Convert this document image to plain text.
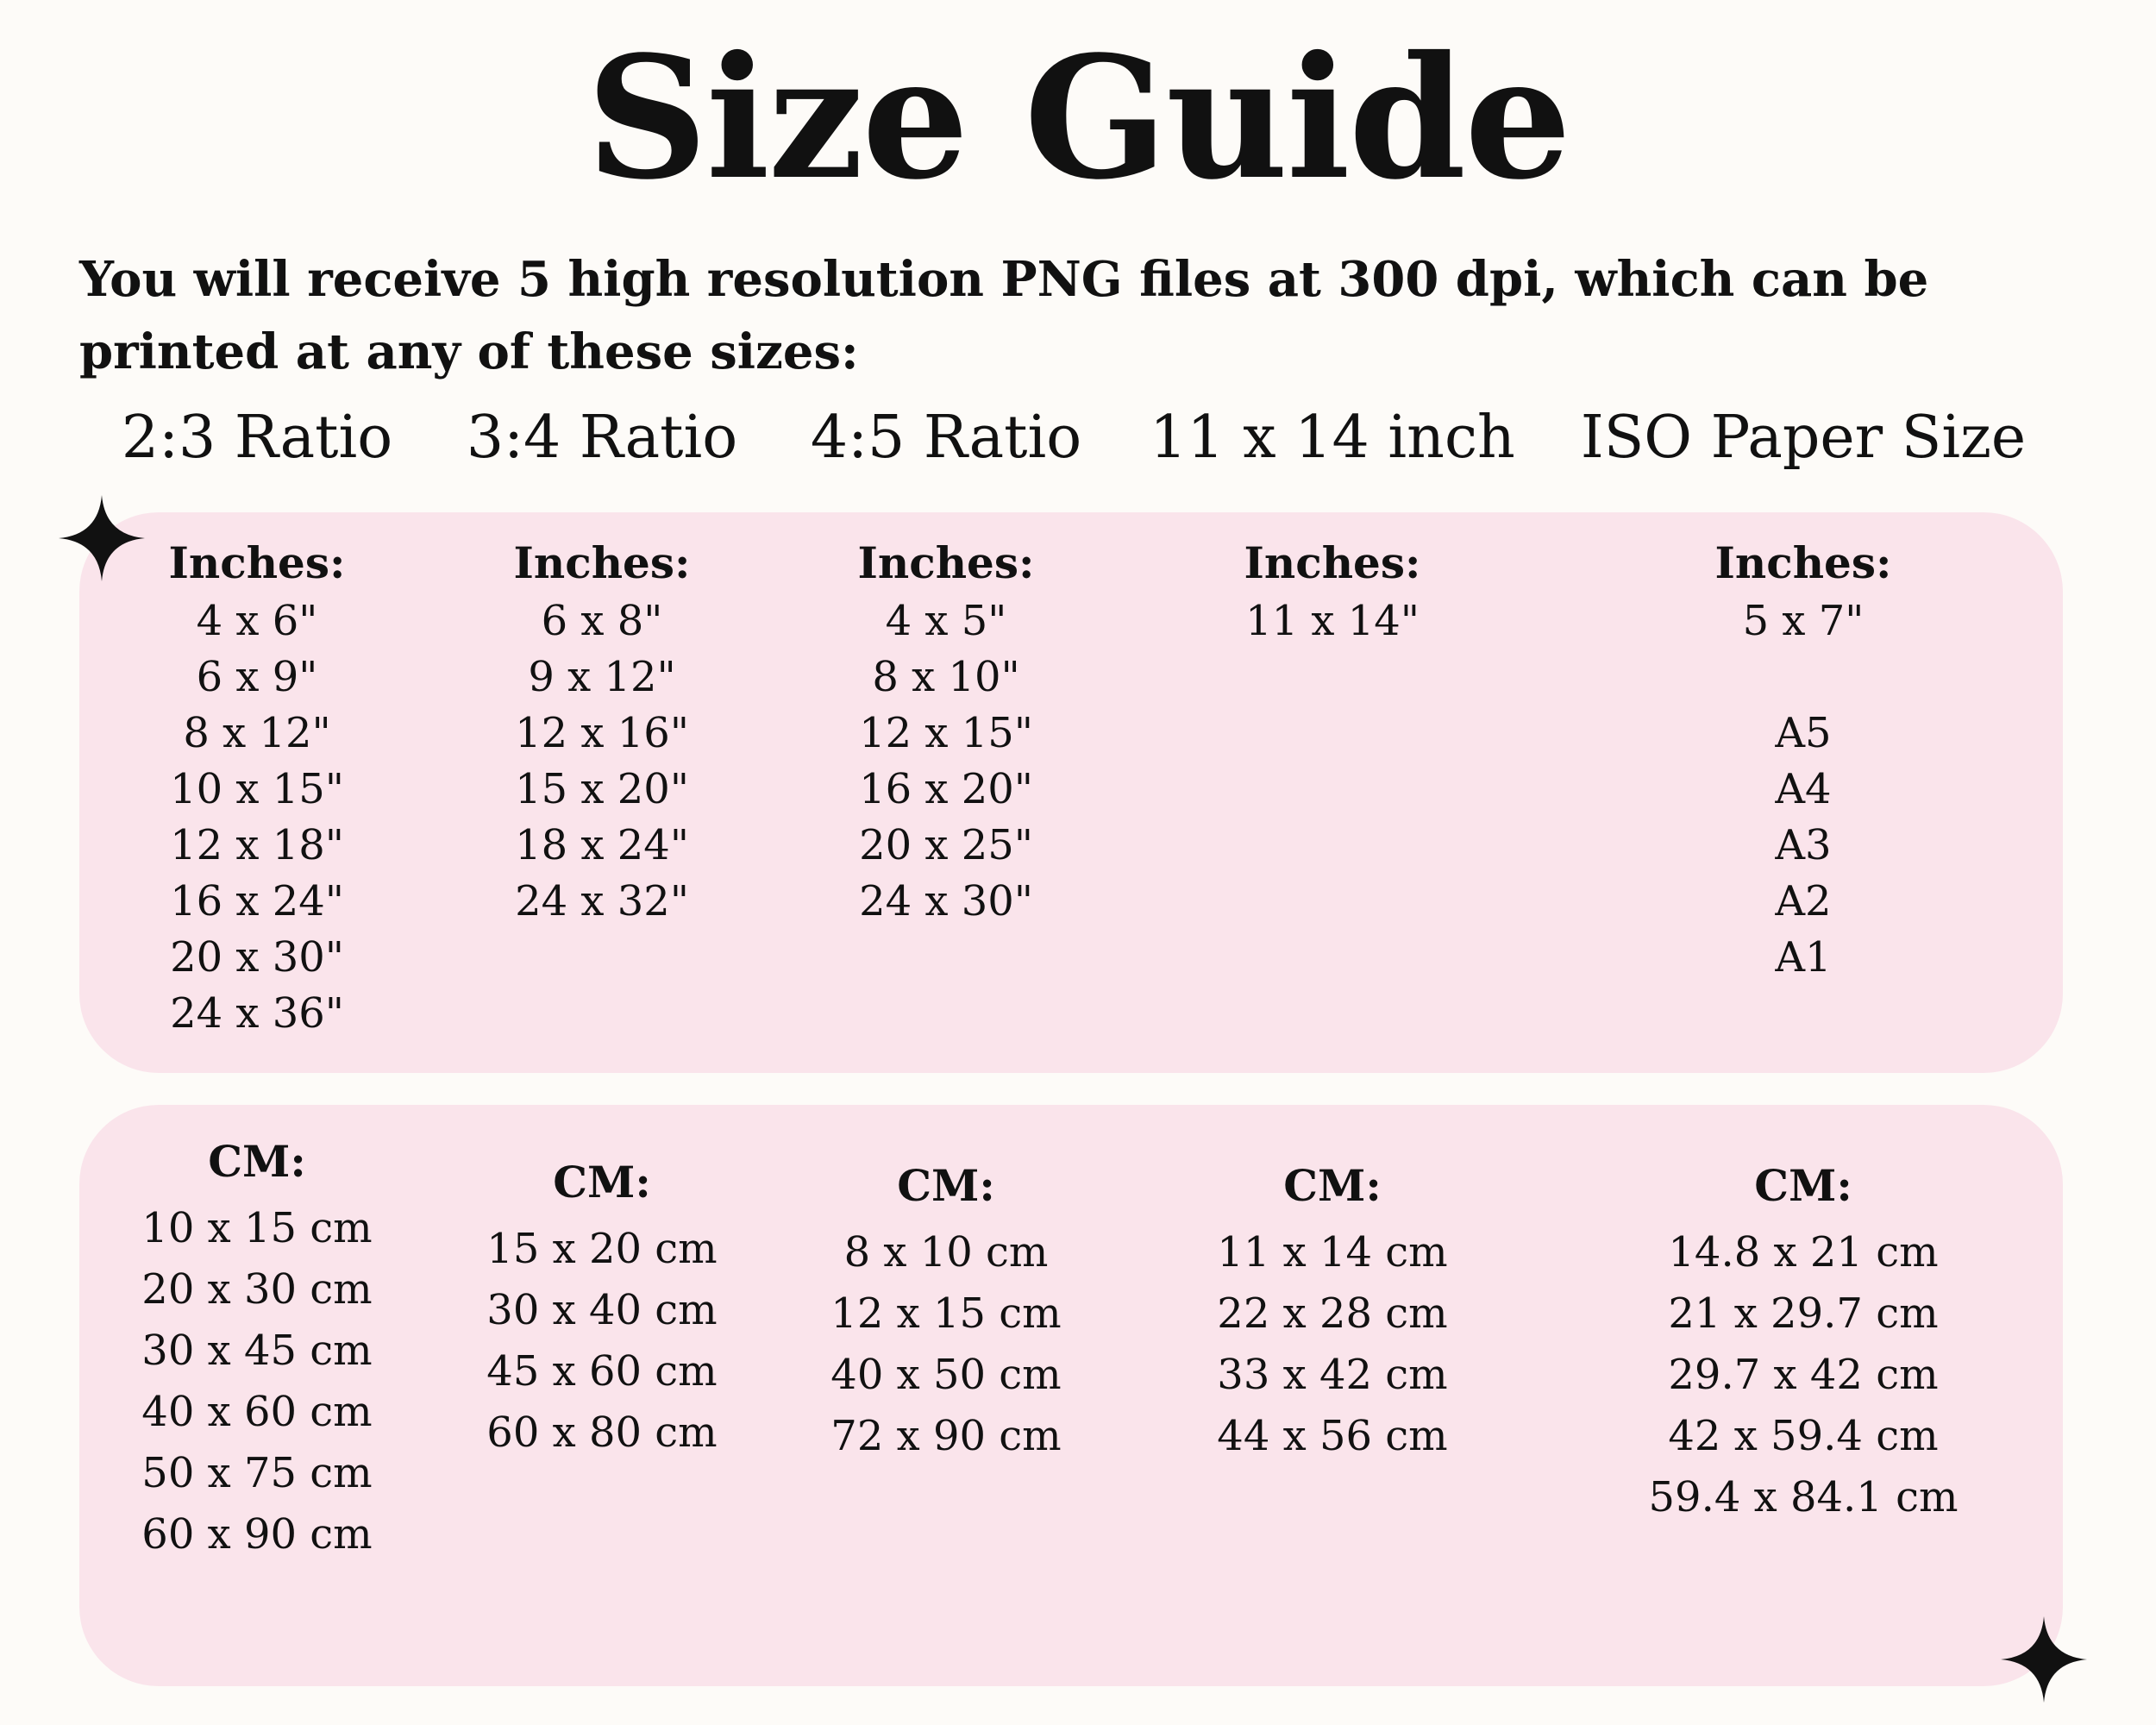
Size Guide
You will receive 5 high resolution PNG files at 300 dpi, which can be printed at any of these sizes:
2:3 Ratio 3:4 Ratio 4:5 Ratio 11 x 14 inch ISO Paper Size
Inches:
4 x 6"
6 x 9"
8 x 12"
10 x 15"
12 x 18"
16 x 24"
20 x 30"
24 x 36"
Inches:
6 x 8"
9 x 12"
12 x 16"
15 x 20"
18 x 24"
24 x 32"
Inches:
4 x 5"
8 x 10"
12 x 15"
16 x 20"
20 x 25"
24 x 30"
Inches:
11 x 14"
Inches:
5 x 7"
A5
A4
A3
A2
A1
CM:
10 x 15 cm
20 x 30 cm
30 x 45 cm
40 x 60 cm
50 x 75 cm
60 x 90 cm
CM:
15 x 20 cm
30 x 40 cm
45 x 60 cm
60 x 80 cm
CM:
8 x 10 cm
12 x 15 cm
40 x 50 cm
72 x 90 cm
CM:
11 x 14 cm
22 x 28 cm
33 x 42 cm
44 x 56 cm
CM:
14.8 x 21 cm
21 x 29.7 cm
29.7 x 42 cm
42 x 59.4 cm
59.4 x 84.1 cm
